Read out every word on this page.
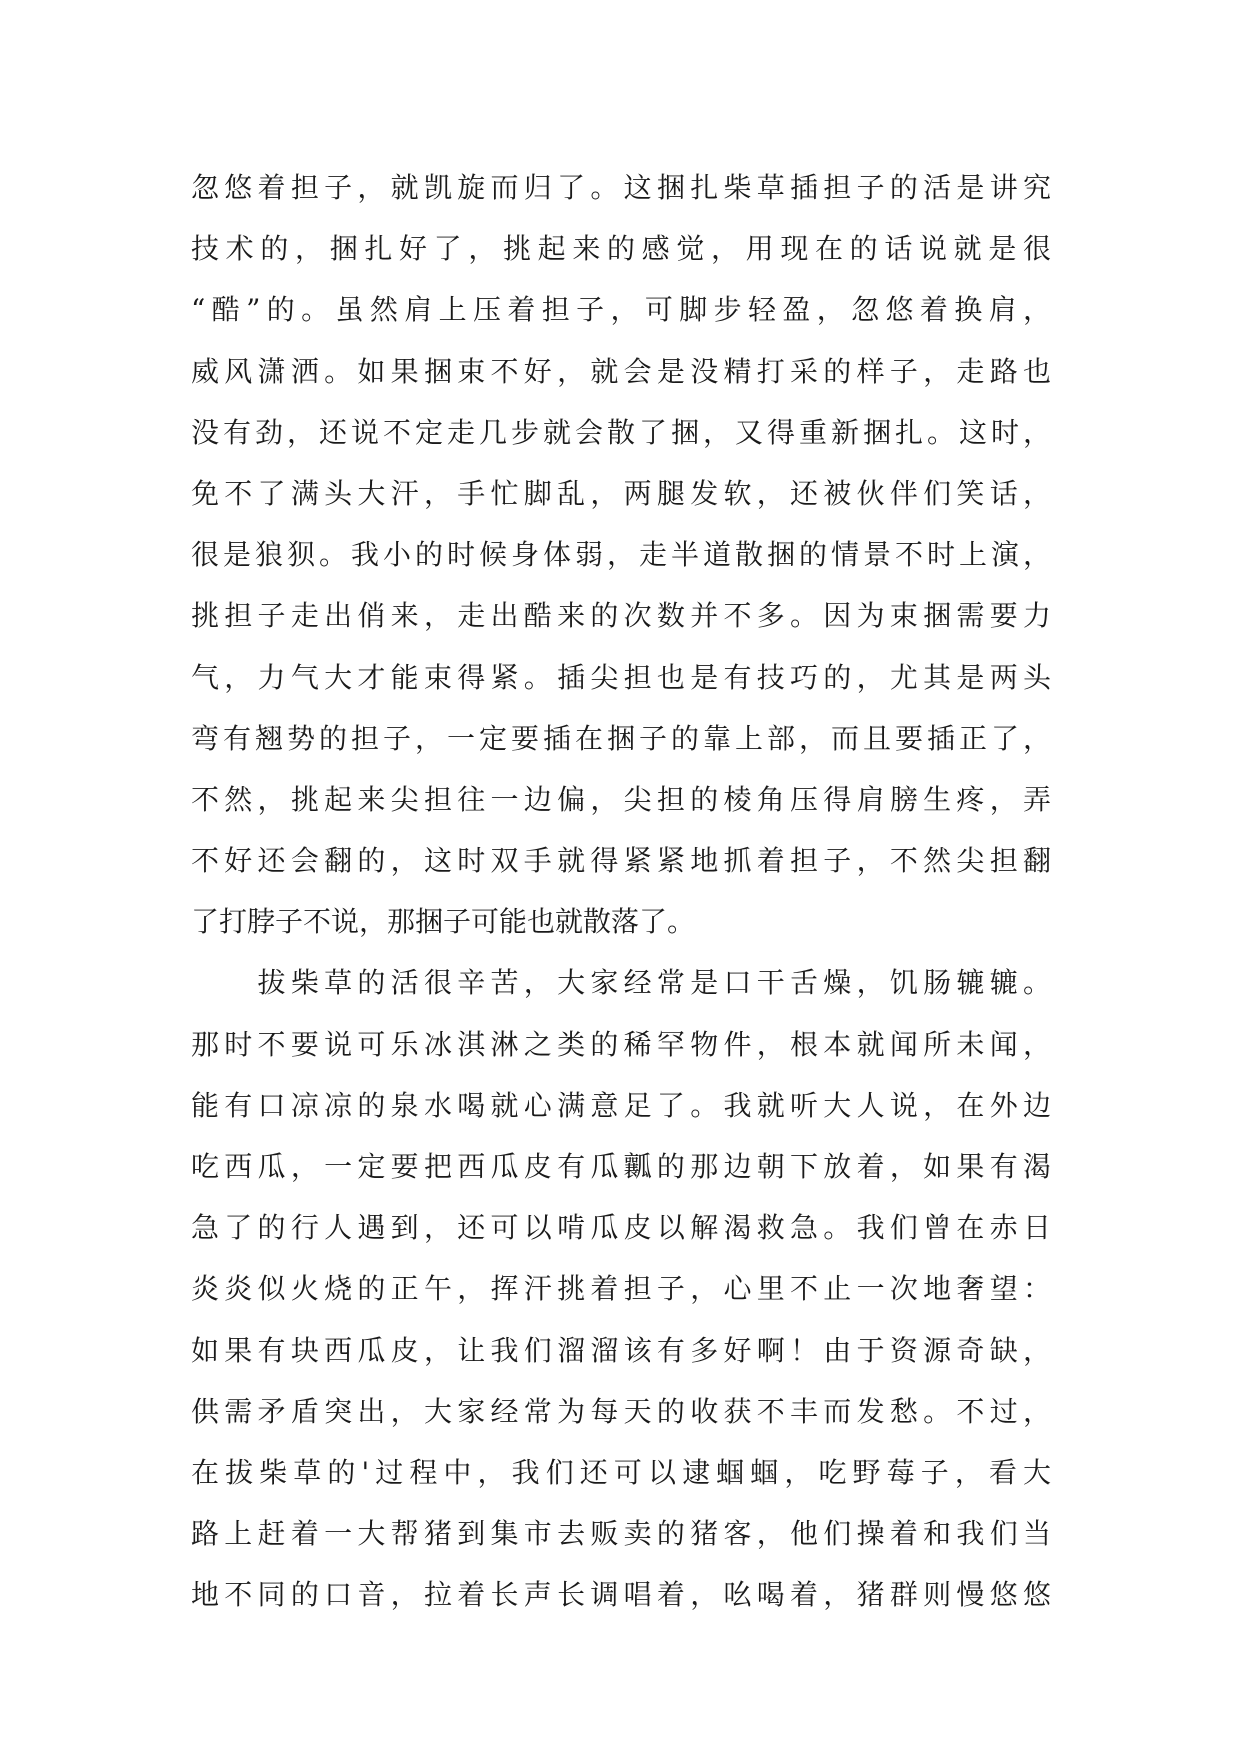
忽悠着担子，就凯旋而归了。这捆扎柴草插担子的活是讲究
技术的，捆扎好了，挑起来的感觉，用现在的话说就是很
“酷”的。虽然肩上压着担子，可脚步轻盈，忽悠着换肩，
威风潇洒。如果捆束不好，就会是没精打采的样子，走路也
没有劲，还说不定走几步就会散了捆，又得重新捆扎。这时，
免不了满头大汗，手忙脚乱，两腿发软，还被伙伴们笑话，
很是狼狈。我小的时候身体弱，走半道散捆的情景不时上演，
挑担子走出俏来，走出酷来的次数并不多。因为束捆需要力
气，力气大才能束得紧。插尖担也是有技巧的，尤其是两头
弯有翘势的担子，一定要插在捆子的靠上部，而且要插正了，
不然，挑起来尖担往一边偏，尖担的棱角压得肩膀生疼，弄
不好还会翻的，这时双手就得紧紧地抓着担子，不然尖担翻
了打脖子不说，那捆子可能也就散落了。
　　拔柴草的活很辛苦，大家经常是口干舌燥，饥肠辘辘。
那时不要说可乐冰淇淋之类的稀罕物件，根本就闻所未闻，
能有口凉凉的泉水喝就心满意足了。我就听大人说，在外边
吃西瓜，一定要把西瓜皮有瓜瓤的那边朝下放着，如果有渴
急了的行人遇到，还可以啃瓜皮以解渴救急。我们曾在赤日
炎炎似火烧的正午，挥汗挑着担子，心里不止一次地奢望：
如果有块西瓜皮，让我们溜溜该有多好啊！由于资源奇缺，
供需矛盾突出，大家经常为每天的收获不丰而发愁。不过，
在拔柴草的'过程中，我们还可以逮蝈蝈，吃野莓子，看大
路上赶着一大帮猪到集市去贩卖的猪客，他们操着和我们当
地不同的口音，拉着长声长调唱着，吆喝着，猪群则慢悠悠
